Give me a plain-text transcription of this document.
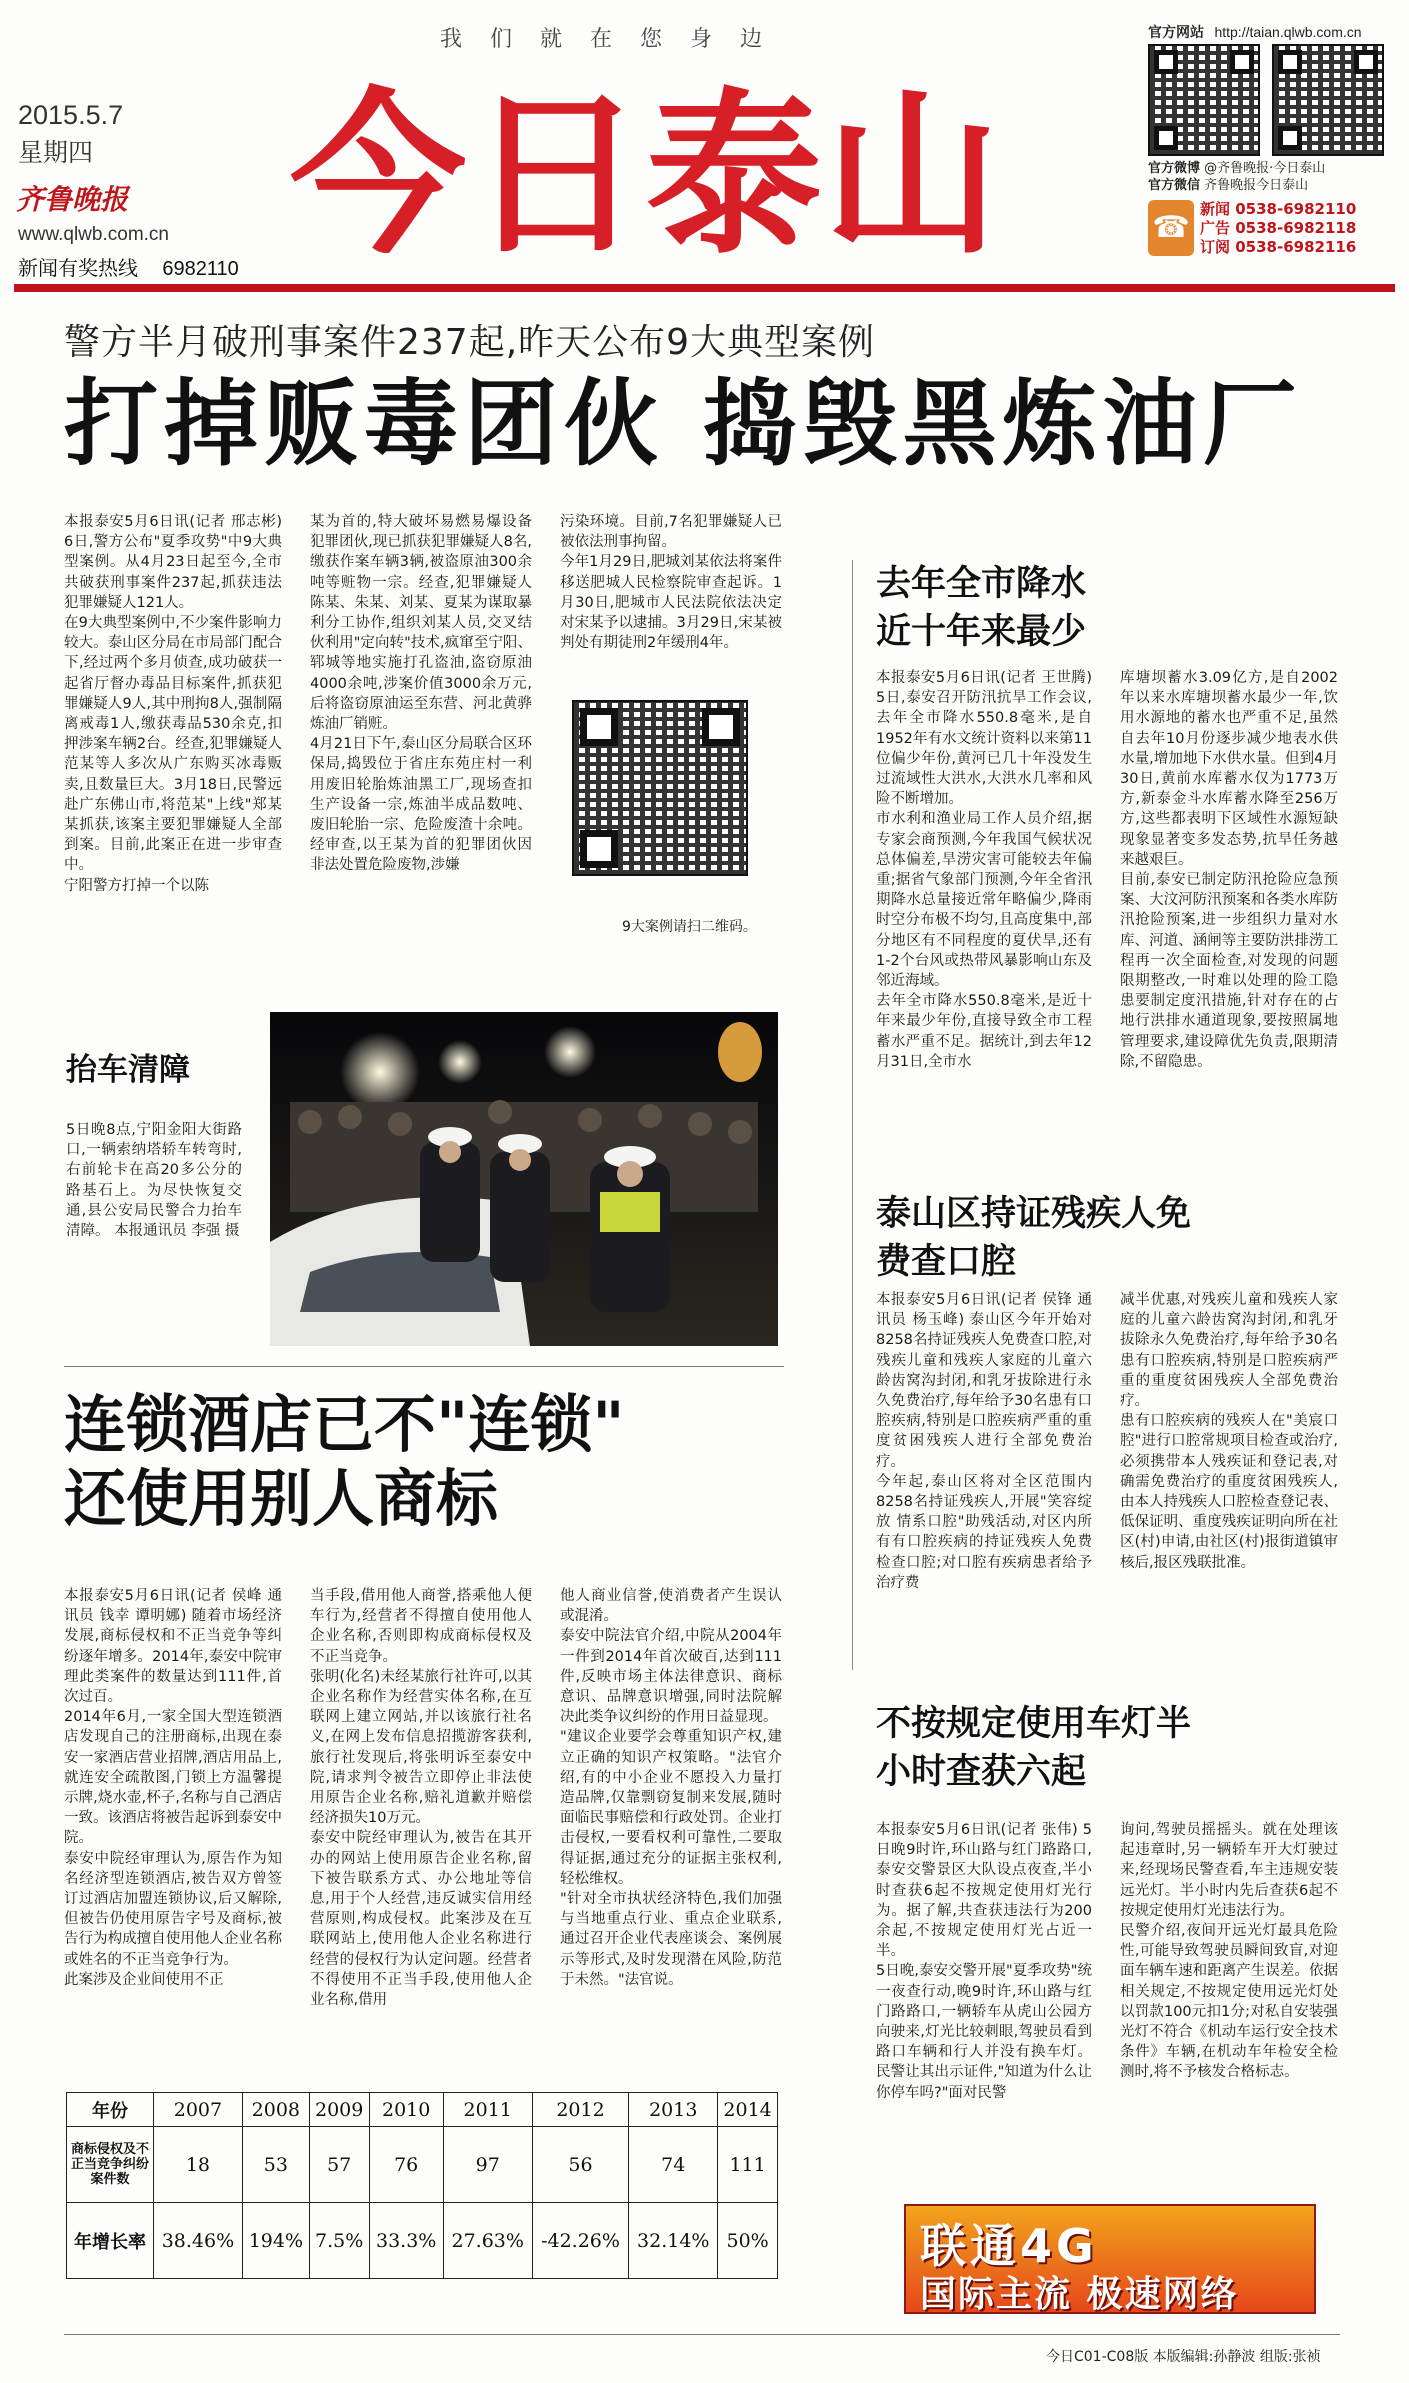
我们就在您身边
2015.5.7
星期四
齐鲁晚报
www.qlwb.com.cn
新闻有奖热线 6982110 今日泰山
官方网站 http://taian.qlwb.com.cn
官方微博 @齐鲁晚报·今日泰山
官方微信 齐鲁晚报今日泰山
☎
新闻 0538-6982110
广告 0538-6982118
订阅 0538-6982116
警方半月破刑事案件237起,昨天公布9大典型案例
打掉贩毒团伙 捣毁黑炼油厂
本报泰安5月6日讯(记者 邢志彬) 6日,警方公布"夏季攻势"中9大典型案例。从4月23日起至今,全市共破获刑事案件237起,抓获违法犯罪嫌疑人121人。
在9大典型案例中,不少案件影响力较大。泰山区分局在市局部门配合下,经过两个多月侦查,成功破获一起省厅督办毒品目标案件,抓获犯罪嫌疑人9人,其中刑拘8人,强制隔离戒毒1人,缴获毒品530余克,扣押涉案车辆2台。经查,犯罪嫌疑人范某等人多次从广东购买冰毒贩卖,且数量巨大。3月18日,民警远赴广东佛山市,将范某"上线"郑某某抓获,该案主要犯罪嫌疑人全部到案。目前,此案正在进一步审查中。
宁阳警方打掉一个以陈
某为首的,特大破坏易燃易爆设备犯罪团伙,现已抓获犯罪嫌疑人8名,缴获作案车辆3辆,被盗原油300余吨等赃物一宗。经查,犯罪嫌疑人陈某、朱某、刘某、夏某为谋取暴利分工协作,组织刘某人员,交叉结伙利用"定向转"技术,疯窜至宁阳、郓城等地实施打孔盗油,盗窃原油4000余吨,涉案价值3000余万元,后将盗窃原油运至东营、河北黄骅炼油厂销赃。
4月21日下午,泰山区分局联合区环保局,捣毁位于省庄东苑庄村一利用废旧轮胎炼油黑工厂,现场查扣生产设备一宗,炼油半成品数吨、废旧轮胎一宗、危险废渣十余吨。经审查,以王某为首的犯罪团伙因非法处置危险废物,涉嫌
污染环境。目前,7名犯罪嫌疑人已被依法刑事拘留。
今年1月29日,肥城刘某依法将案件移送肥城人民检察院审查起诉。1月30日,肥城市人民法院依法决定对宋某予以逮捕。3月29日,宋某被判处有期徒刑2年缓刑4年。
9大案例请扫二维码。
去年全市降水近十年来最少
本报泰安5月6日讯(记者 王世腾) 5日,泰安召开防汛抗旱工作会议,去年全市降水550.8毫米,是自1952年有水文统计资料以来第11位偏少年份,黄河已几十年没发生过流域性大洪水,大洪水几率和风险不断增加。
市水利和渔业局工作人员介绍,据专家会商预测,今年我国气候状况总体偏差,旱涝灾害可能较去年偏重;据省气象部门预测,今年全省汛期降水总量接近常年略偏少,降雨时空分布极不均匀,且高度集中,部分地区有不同程度的夏伏旱,还有1-2个台风或热带风暴影响山东及邻近海域。
去年全市降水550.8毫米,是近十年来最少年份,直接导致全市工程蓄水严重不足。据统计,到去年12月31日,全市水
库塘坝蓄水3.09亿方,是自2002年以来水库塘坝蓄水最少一年,饮用水源地的蓄水也严重不足,虽然自去年10月份逐步减少地表水供水量,增加地下水供水量。但到4月30日,黄前水库蓄水仅为1773万方,新泰金斗水库蓄水降至256万方,这些都表明下区域性水源短缺现象显著变多发态势,抗旱任务越来越艰巨。
目前,泰安已制定防汛抢险应急预案、大汶河防汛预案和各类水库防汛抢险预案,进一步组织力量对水库、河道、涵闸等主要防洪排涝工程再一次全面检查,对发现的问题限期整改,一时难以处理的险工隐患要制定度汛措施,针对存在的占地行洪排水通道现象,要按照属地管理要求,建设障优先负责,限期清除,不留隐患。
抬车清障
5日晚8点,宁阳金阳大街路口,一辆索纳塔轿车转弯时,右前轮卡在高20多公分的路基石上。为尽快恢复交通,县公安局民警合力抬车清障。 本报通讯员 李强 摄	泰山区持证残疾人免费查口腔
本报泰安5月6日讯(记者 侯锋 通讯员 杨玉峰) 泰山区今年开始对8258名持证残疾人免费查口腔,对残疾儿童和残疾人家庭的儿童六龄齿窝沟封闭,和乳牙拔除进行永久免费治疗,每年给予30名患有口腔疾病,特别是口腔疾病严重的重度贫困残疾人进行全部免费治疗。
今年起,泰山区将对全区范围内8258名持证残疾人,开展"笑容绽放 情系口腔"助残活动,对区内所有有口腔疾病的持证残疾人免费检查口腔;对口腔有疾病患者给予治疗费
减半优惠,对残疾儿童和残疾人家庭的儿童六龄齿窝沟封闭,和乳牙拔除永久免费治疗,每年给予30名患有口腔疾病,特别是口腔疾病严重的重度贫困残疾人全部免费治疗。
患有口腔疾病的残疾人在"美宸口腔"进行口腔常规项目检查或治疗,必须携带本人残疾证和登记表,对确需免费治疗的重度贫困残疾人,由本人持残疾人口腔检查登记表、低保证明、重度残疾证明向所在社区(村)申请,由社区(村)报街道镇审核后,报区残联批准。
连锁酒店已不"连锁"
还使用别人商标
本报泰安5月6日讯(记者 侯峰 通讯员 钱幸 谭明娜) 随着市场经济发展,商标侵权和不正当竞争等纠纷逐年增多。2014年,泰安中院审理此类案件的数量达到111件,首次过百。
2014年6月,一家全国大型连锁酒店发现自己的注册商标,出现在泰安一家酒店营业招牌,酒店用品上,就连安全疏散图,门锁上方温馨提示牌,烧水壶,杯子,名称与自己酒店一致。该酒店将被告起诉到泰安中院。
泰安中院经审理认为,原告作为知名经济型连锁酒店,被告双方曾签订过酒店加盟连锁协议,后又解除,但被告仍使用原告字号及商标,被告行为构成擅自使用他人企业名称或姓名的不正当竞争行为。
此案涉及企业间使用不正
当手段,借用他人商誉,搭乘他人便车行为,经营者不得擅自使用他人企业名称,否则即构成商标侵权及不正当竞争。
张明(化名)未经某旅行社许可,以其企业名称作为经营实体名称,在互联网上建立网站,并以该旅行社名义,在网上发布信息招揽游客获利,旅行社发现后,将张明诉至泰安中院,请求判令被告立即停止非法使用原告企业名称,赔礼道歉并赔偿经济损失10万元。
泰安中院经审理认为,被告在其开办的网站上使用原告企业名称,留下被告联系方式、办公地址等信息,用于个人经营,违反诚实信用经营原则,构成侵权。此案涉及在互联网站上,使用他人企业名称进行经营的侵权行为认定问题。经营者不得使用不正当手段,使用他人企业名称,借用
他人商业信誉,使消费者产生误认或混淆。
泰安中院法官介绍,中院从2004年一件到2014年首次破百,达到111件,反映市场主体法律意识、商标意识、品牌意识增强,同时法院解决此类争议纠纷的作用日益显现。
"建议企业要学会尊重知识产权,建立正确的知识产权策略。"法官介绍,有的中小企业不愿投入力量打造品牌,仅靠剽窃复制来发展,随时面临民事赔偿和行政处罚。企业打击侵权,一要看权利可靠性,二要取得证据,通过充分的证据主张权利,轻松维权。
"针对全市执状经济特色,我们加强与当地重点行业、重点企业联系,通过召开企业代表座谈会、案例展示等形式,及时发现潜在风险,防范于未然。"法官说。
年份	2007	2008	2009	2010	2011	2012	2013	2014
商标侵权及不正当竞争纠纷案件数	18	53	57	76	97	56	74	111
年增长率	38.46%	194%	7.5%	33.3%	27.63%	-42.26%	32.14%	50%
不按规定使用车灯半小时查获六起
本报泰安5月6日讯(记者 张伟) 5日晚9时许,环山路与红门路路口,泰安交警景区大队设点夜查,半小时查获6起不按规定使用灯光行为。据了解,共查获违法行为200余起,不按规定使用灯光占近一半。
5日晚,泰安交警开展"夏季攻势"统一夜查行动,晚9时许,环山路与红门路路口,一辆轿车从虎山公园方向驶来,灯光比较刺眼,驾驶员看到路口车辆和行人并没有换车灯。民警让其出示证件,"知道为什么让你停车吗?"面对民警
询问,驾驶员摇摇头。就在处理该起违章时,另一辆轿车开大灯驶过来,经现场民警查看,车主违规安装远光灯。半小时内先后查获6起不按规定使用灯光违法行为。
民警介绍,夜间开远光灯最具危险性,可能导致驾驶员瞬间致盲,对迎面车辆车速和距离产生误差。依据相关规定,不按规定使用远光灯处以罚款100元扣1分;对私自安装强光灯不符合《机动车运行安全技术条件》车辆,在机动车年检安全检测时,将不予核发合格标志。
联通4G
国际主流 极速网络
今日C01-C08版 本版编辑:孙静波 组版:张祯
